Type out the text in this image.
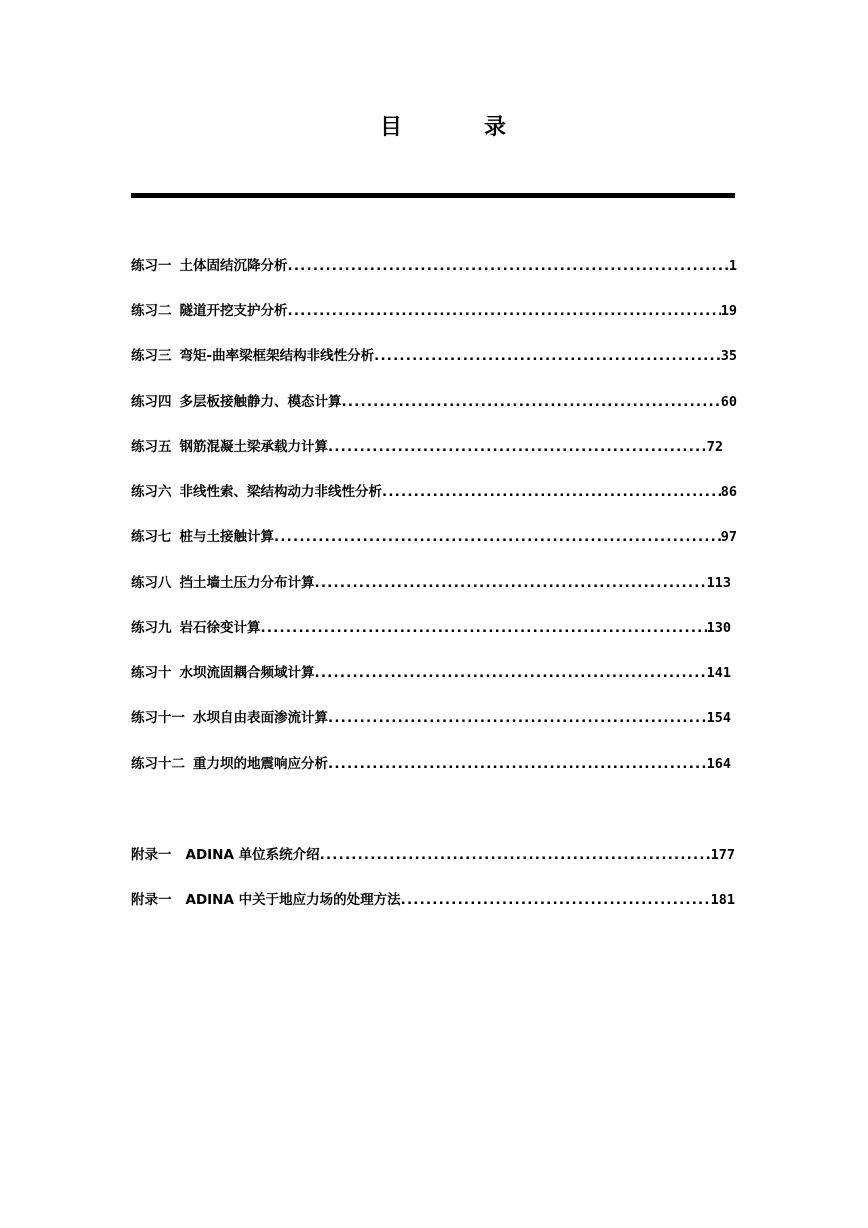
目	录
练习一 土体固结沉降分析 .....	1
练习二 隧道开挖支护分析 .....	19
练习三 弯矩-曲率梁框架结构非线性分析 .....	35
练习四 多层板接触静力、模态计算 .....	60
练习五 钢筋混凝土梁承载力计算 .....	72
练习六 非线性索、梁结构动力非线性分析 .....	86
练习七 桩与土接触计算 .....	97
练习八 挡土墙土压力分布计算 .....	113
练习九 岩石徐变计算 .....	130
练习十 水坝流固耦合频域计算 .....	141
练习十一 水坝自由表面渗流计算 .....	154
练习十二 重力坝的地震响应分析 .....	164
附录一 ADINA 单位系统介绍 .....	177
附录一 ADINA 中关于地应力场的处理方法 .....	181
